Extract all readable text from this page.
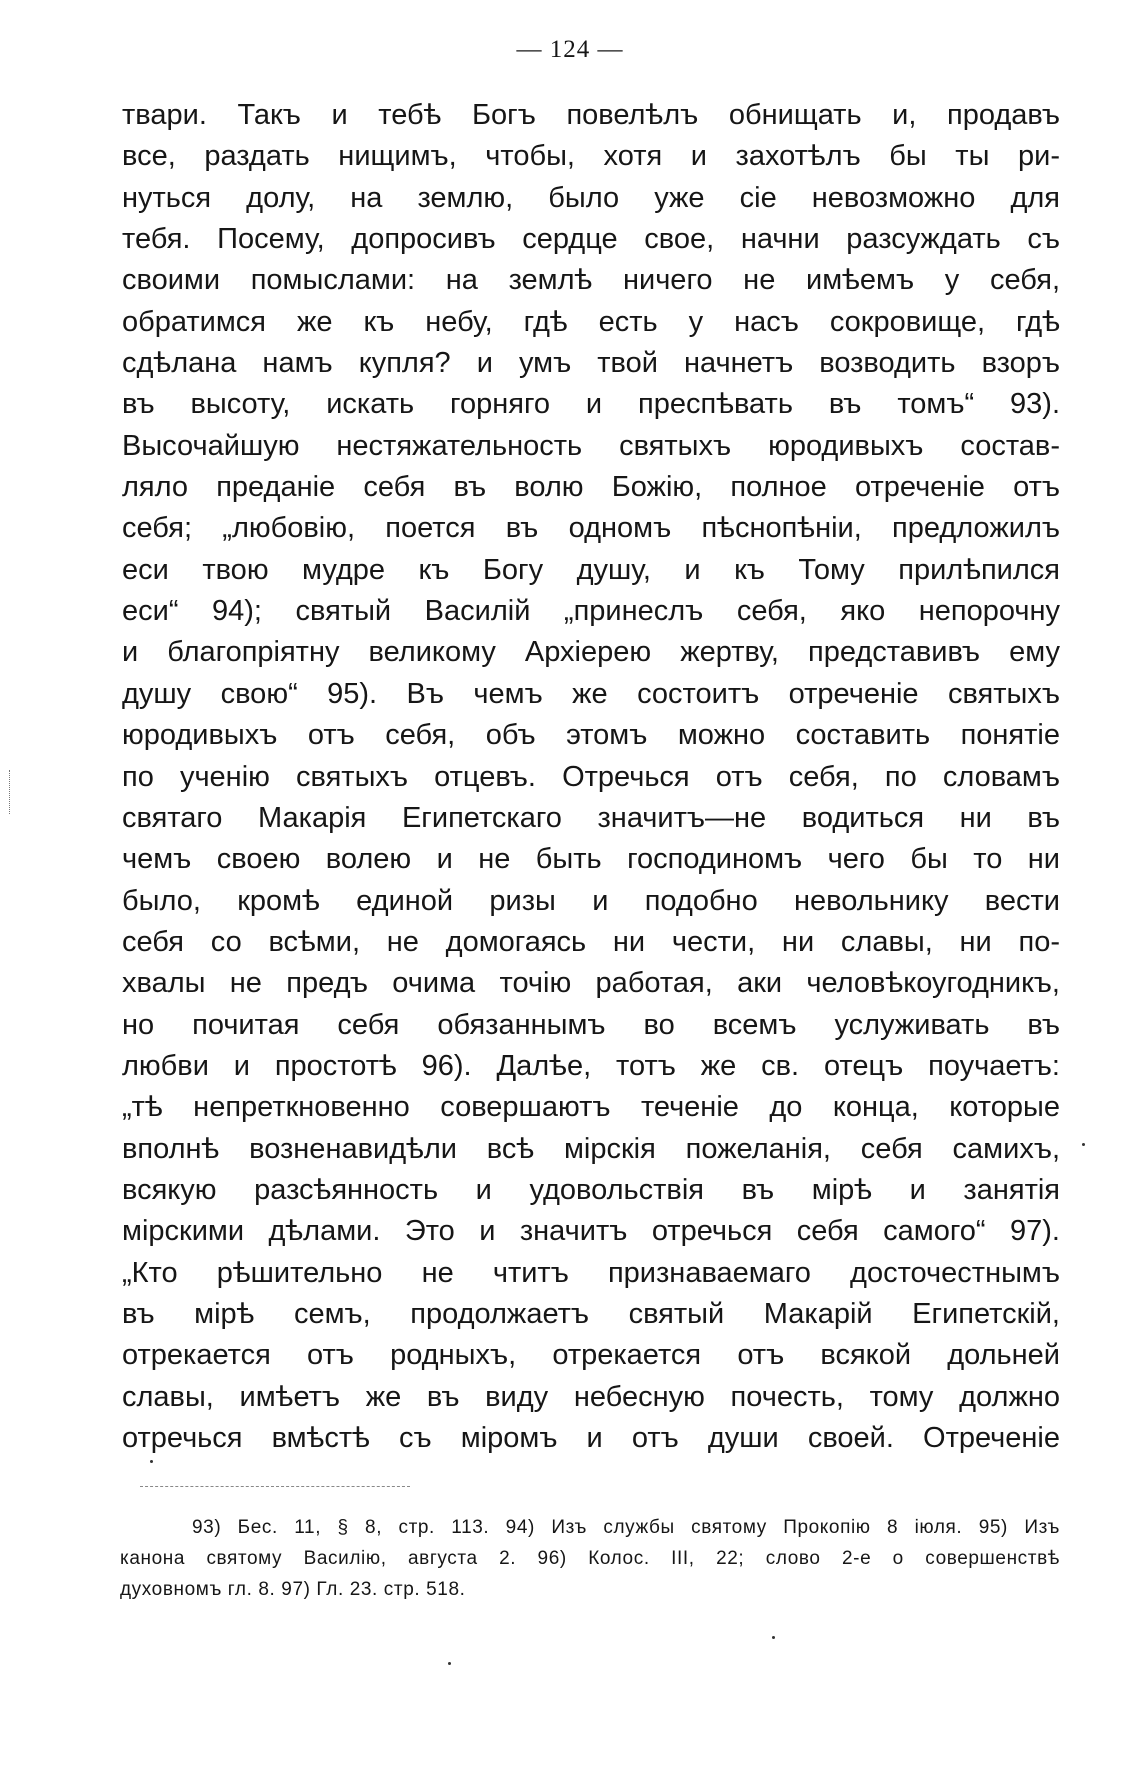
— 124 —
твари. Такъ и тебѣ Богъ повелѣлъ обнищать и, продавъ
все, раздать нищимъ, чтобы, хотя и захотѣлъ бы ты ри-
нуться долу, на землю, было уже сіе невозможно для
тебя. Посему, допросивъ сердце свое, начни разсуждать съ
своими помыслами: на землѣ ничего не имѣемъ у себя,
обратимся же къ небу, гдѣ есть у насъ сокровище, гдѣ
сдѣлана намъ купля? и умъ твой начнетъ возводить взоръ
въ высоту, искать горняго и преспѣвать въ томъ“ 93).
Высочайшую нестяжательность святыхъ юродивыхъ состав-
ляло преданіе себя въ волю Божію, полное отреченіе отъ
себя; „любовію, поется въ одномъ пѣснопѣніи, предложилъ
еси твою мудре къ Богу душу, и къ Тому прилѣпился
еси“ 94); святый Василій „принеслъ себя, яко непорочну
и благопріятну великому Архіерею жертву, представивъ ему
душу свою“ 95). Въ чемъ же состоитъ отреченіе святыхъ
юродивыхъ отъ себя, объ этомъ можно составить понятіе
по ученію святыхъ отцевъ. Отречься отъ себя, по словамъ
святаго Макарія Египетскаго значитъ—не водиться ни въ
чемъ своею волею и не быть господиномъ чего бы то ни
было, кромѣ единой ризы и подобно невольнику вести
себя со всѣми, не домогаясь ни чести, ни славы, ни по-
хвалы не предъ очима точію работая, аки человѣкоугодникъ,
но почитая себя обязаннымъ во всемъ услуживать въ
любви и простотѣ 96). Далѣе, тотъ же св. отецъ поучаетъ:
„тѣ непреткновенно совершаютъ теченіе до конца, которые
вполнѣ возненавидѣли всѣ мірскія пожеланія, себя самихъ,
всякую разсѣянность и удовольствія въ мірѣ и занятія
мірскими дѣлами. Это и значитъ отречься себя самого“ 97).
„Кто рѣшительно не чтитъ признаваемаго досточестнымъ
въ мірѣ семъ, продолжаетъ святый Макарій Египетскій,
отрекается отъ родныхъ, отрекается отъ всякой дольней
славы, имѣетъ же въ виду небесную почесть, тому должно
отречься вмѣстѣ съ міромъ и отъ души своей. Отреченіе
93) Бес. 11, § 8, стр. 113. 94) Изъ службы святому Прокопію 8 іюля. 95) Изъ
канона святому Василію, августа 2. 96) Колос. III, 22; слово 2-е о совершенствѣ
духовномъ гл. 8. 97) Гл. 23. стр. 518.
